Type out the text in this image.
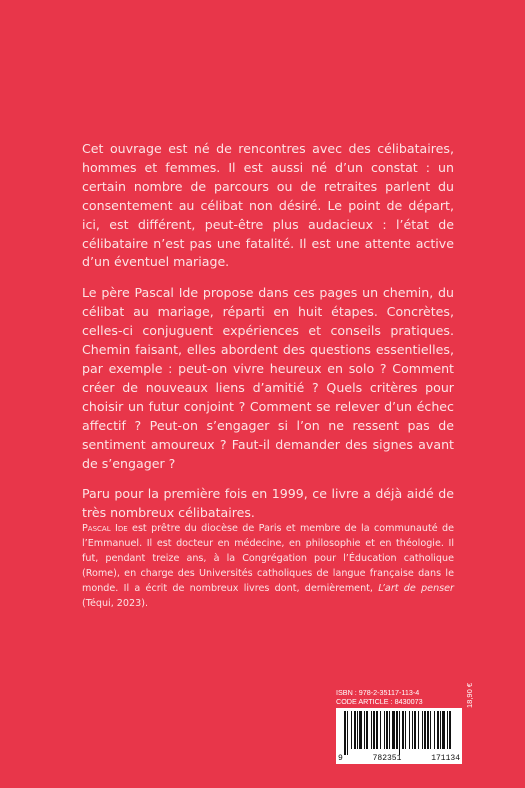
Cet ouvrage est né de rencontres avec des célibataires, hommes et femmes. Il est aussi né d’un constat : un certain nombre de parcours ou de retraites parlent du consentement au célibat non désiré. Le point de départ, ici, est différent, peut-être plus audacieux : l’état de célibataire n’est pas une fatalité. Il est une attente active d’un éventuel mariage.

Le père Pascal Ide propose dans ces pages un chemin, du célibat au mariage, réparti en huit étapes. Concrètes, celles-ci conjuguent expériences et conseils pratiques. Chemin faisant, elles abordent des questions essentielles, par exemple : peut-on vivre heureux en solo ? Comment créer de nouveaux liens d’amitié ? Quels critères pour choisir un futur conjoint ? Comment se relever d’un échec affectif ? Peut-on s’engager si l’on ne ressent pas de sentiment amoureux ? Faut-il demander des signes avant de s’engager ?

Paru pour la première fois en 1999, ce livre a déjà aidé de très nombreux célibataires.

Pascal Ide est prêtre du diocèse de Paris et membre de la communauté de l’Emmanuel. Il est docteur en médecine, en philosophie et en théologie. Il fut, pendant treize ans, à la Congrégation pour l’Éducation catholique (Rome), en charge des Universités catholiques de langue française dans le monde. Il a écrit de nombreux livres dont, dernièrement, L’art de penser (Téqui, 2023).

ISBN : 978-2-35117-113-4
CODE ARTICLE : 8430073
9	782351	171134
18,90 €
